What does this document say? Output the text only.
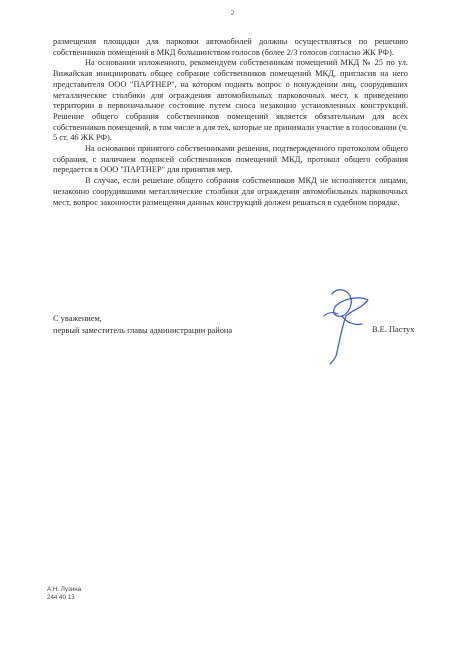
2

размещения площадки для парковки автомобилей должны осуществляться по решению собственников помещений в МКД большинством голосов (более 2/3 голосов согласно ЖК РФ).

На основании изложенного, рекомендуем собственникам помещений МКД № 25 по ул. Вижайская инициировать общее собрание собственников помещений МКД, пригласив на него представителя ООО "ПАРТНЕР", на котором поднять вопрос о понуждении лиц, соорудивших металлические столбики для ограждения автомобильных парковочных мест, к приведению территории в первоначальное состояние путем сноса незаконно установленных конструкций. Решение общего собрания собственников помещений является обязательным для всех собственников помещений, в том числе и для тех, которые не принимали участие в голосовании (ч. 5 ст. 46 ЖК РФ).

На основании принятого собственниками решения, подтвержденного протоколом общего собрания, с наличием подписей собственников помещений МКД, протокол общего собрания передается в ООО "ПАРТНЕР" для принятия мер.

В случае, если решение общего собрания собственников МКД не исполняется лицами, незаконно соорудившими металлические столбики для ограждения автомобильных парковочных мест, вопрос законности размещения данных конструкций должен решаться в судебном порядке.

С уважением,
первый заместитель главы администрации района	В.Е. Пастух
А.Н. Лузина
244 40 13
